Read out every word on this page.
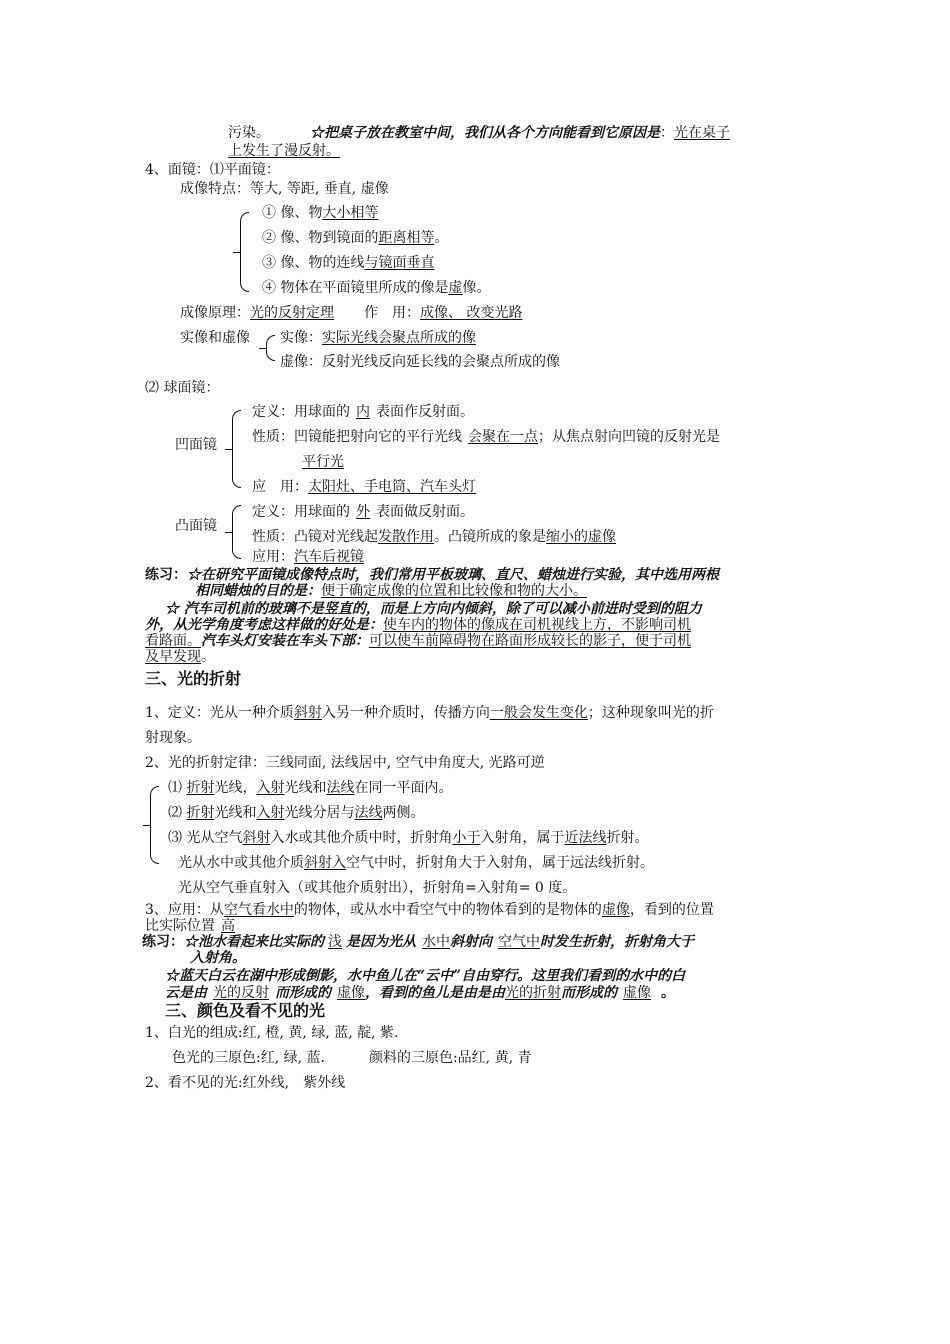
污染。	☆把桌子放在教室中间，我们从各个方向能看到它原因是：光在桌子
上发生了漫反射。
4、面镜：⑴平面镜：
成像特点：等大, 等距, 垂直, 虚像
① 像、物大小相等
② 像、物到镜面的距离相等。
③ 像、物的连线与镜面垂直
④ 物体在平面镜里所成的像是虚像。
成像原理：光的反射定理 作　用：成像、 改变光路
实像和虚像 实像：实际光线会聚点所成的像
虚像：反射光线反向延长线的会聚点所成的像
⑵ 球面镜：
凹面镜
定义：用球面的 内 表面作反射面。
性质：凹镜能把射向它的平行光线 会聚在一点；从焦点射向凹镜的反射光是
平行光
应　用：太阳灶、手电筒、汽车头灯
凸面镜
定义：用球面的 外 表面做反射面。
性质：凸镜对光线起发散作用。凸镜所成的象是缩小的虚像
应用：汽车后视镜
练习：☆在研究平面镜成像特点时，我们常用平板玻璃、直尺、蜡烛进行实验，其中选用两根
相同蜡烛的目的是：便于确定成像的位置和比较像和物的大小。
☆ 汽车司机前的玻璃不是竖直的，而是上方向内倾斜，除了可以减小前进时受到的阻力
外，从光学角度考虑这样做的好处是：使车内的物体的像成在司机视线上方，不影响司机
看路面。汽车头灯安装在车头下部：可以使车前障碍物在路面形成较长的影子，便于司机
及早发现。
三、光的折射
1、定义：光从一种介质斜射入另一种介质时，传播方向一般会发生变化；这种现象叫光的折
射现象。
2、光的折射定律：三线同面, 法线居中, 空气中角度大, 光路可逆
⑴ 折射光线，入射光线和法线在同一平面内。
⑵ 折射光线和入射光线分居与法线两侧。
⑶ 光从空气斜射入水或其他介质中时，折射角小于入射角，属于近法线折射。
光从水中或其他介质斜射入空气中时，折射角大于入射角，属于远法线折射。
光从空气垂直射入（或其他介质射出），折射角=入射角= 0 度。
3、应用：从空气看水中的物体，或从水中看空气中的物体看到的是物体的虚像，看到的位置
比实际位置 高
练习：☆池水看起来比实际的 浅 是因为光从 水中斜射向 空气中时发生折射，折射角大于
入射角。
☆蓝天白云在湖中形成倒影，水中鱼儿在“云中”自由穿行。这里我们看到的水中的白
云是由 光的反射 而形成的 虚像，看到的鱼儿是由是由光的折射而形成的 虚像 。
三、颜色及看不见的光
1、白光的组成:红, 橙, 黄, 绿, 蓝, 靛, 紫.
色光的三原色:红, 绿, 蓝.	颜料的三原色:品红, 黄, 青
2、看不见的光:红外线,　紫外线
